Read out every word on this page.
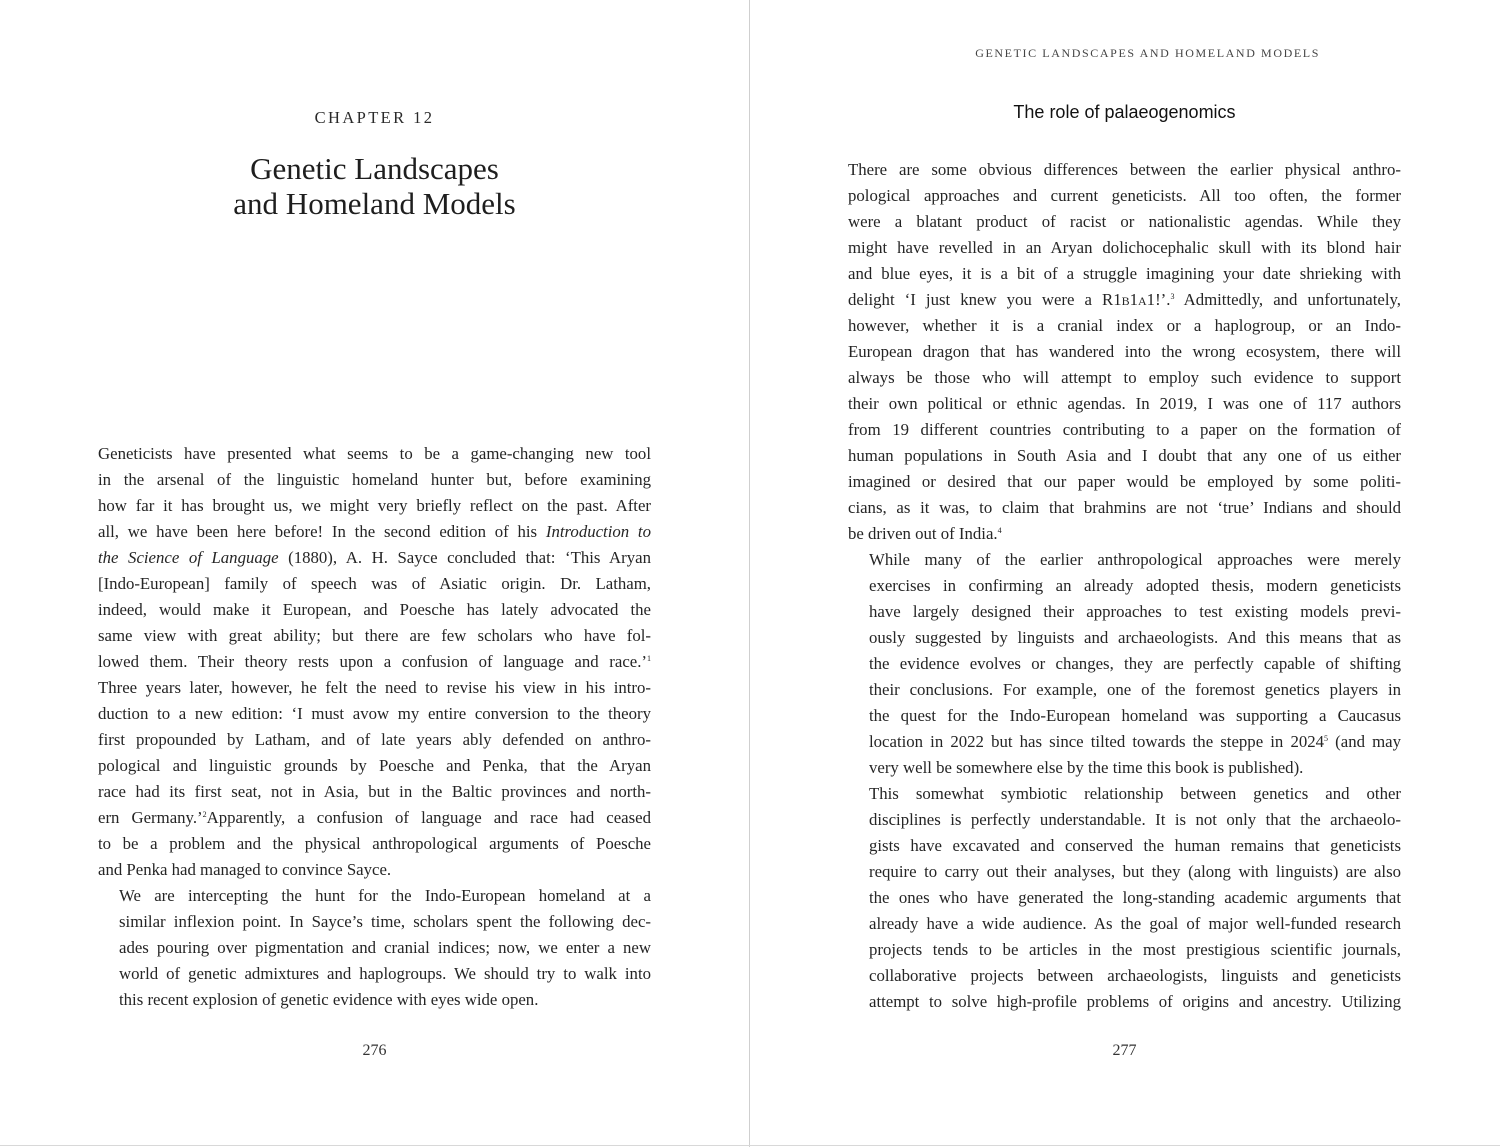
CHAPTER 12
Genetic Landscapes
and Homeland Models

Geneticists have presented what seems to be a game-changing new tool
in the arsenal of the linguistic homeland hunter but, before examining
how far it has brought us, we might very briefly reflect on the past. After
all, we have been here before! In the second edition of his Introduction to
the Science of Language (1880), A. H. Sayce concluded that: ‘This Aryan
[Indo-European] family of speech was of Asiatic origin. Dr. Latham,
indeed, would make it European, and Poesche has lately advocated the
same view with great ability; but there are few scholars who have fol-
lowed them. Their theory rests upon a confusion of language and race.’$^1$
Three years later, however, he felt the need to revise his view in his intro-
duction to a new edition: ‘I must avow my entire conversion to the theory
first propounded by Latham, and of late years ably defended on anthro-
pological and linguistic grounds by Poesche and Penka, that the Aryan
race had its first seat, not in Asia, but in the Baltic provinces and north-
ern Germany.’$^2$Apparently, a confusion of language and race had ceased
to be a problem and the physical anthropological arguments of Poesche
and Penka had managed to convince Sayce.

We are intercepting the hunt for the Indo-European homeland at a
similar inflexion point. In Sayce’s time, scholars spent the following dec-
ades pouring over pigmentation and cranial indices; now, we enter a new
world of genetic admixtures and haplogroups. We should try to walk into
this recent explosion of genetic evidence with eyes wide open.

276
GENETIC LANDSCAPES AND HOMELAND MODELS
The role of palaeogenomics

There are some obvious differences between the earlier physical anthro-
pological approaches and current geneticists. All too often, the former
were a blatant product of racist or nationalistic agendas. While they
might have revelled in an Aryan dolichocephalic skull with its blond hair
and blue eyes, it is a bit of a struggle imagining your date shrieking with
delight ‘I just knew you were a R1b1a1!’.$^3$ Admittedly, and unfortunately,
however, whether it is a cranial index or a haplogroup, or an Indo-
European dragon that has wandered into the wrong ecosystem, there will
always be those who will attempt to employ such evidence to support
their own political or ethnic agendas. In 2019, I was one of 117 authors
from 19 different countries contributing to a paper on the formation of
human populations in South Asia and I doubt that any one of us either
imagined or desired that our paper would be employed by some politi-
cians, as it was, to claim that brahmins are not ‘true’ Indians and should
be driven out of India.$^4$

While many of the earlier anthropological approaches were merely
exercises in confirming an already adopted thesis, modern geneticists
have largely designed their approaches to test existing models previ-
ously suggested by linguists and archaeologists. And this means that as
the evidence evolves or changes, they are perfectly capable of shifting
their conclusions. For example, one of the foremost genetics players in
the quest for the Indo-European homeland was supporting a Caucasus
location in 2022 but has since tilted towards the steppe in 2024$^5$ (and may
very well be somewhere else by the time this book is published).

This somewhat symbiotic relationship between genetics and other
disciplines is perfectly understandable. It is not only that the archaeolo-
gists have excavated and conserved the human remains that geneticists
require to carry out their analyses, but they (along with linguists) are also
the ones who have generated the long-standing academic arguments that
already have a wide audience. As the goal of major well-funded research
projects tends to be articles in the most prestigious scientific journals,
collaborative projects between archaeologists, linguists and geneticists
attempt to solve high-profile problems of origins and ancestry. Utilizing

277
